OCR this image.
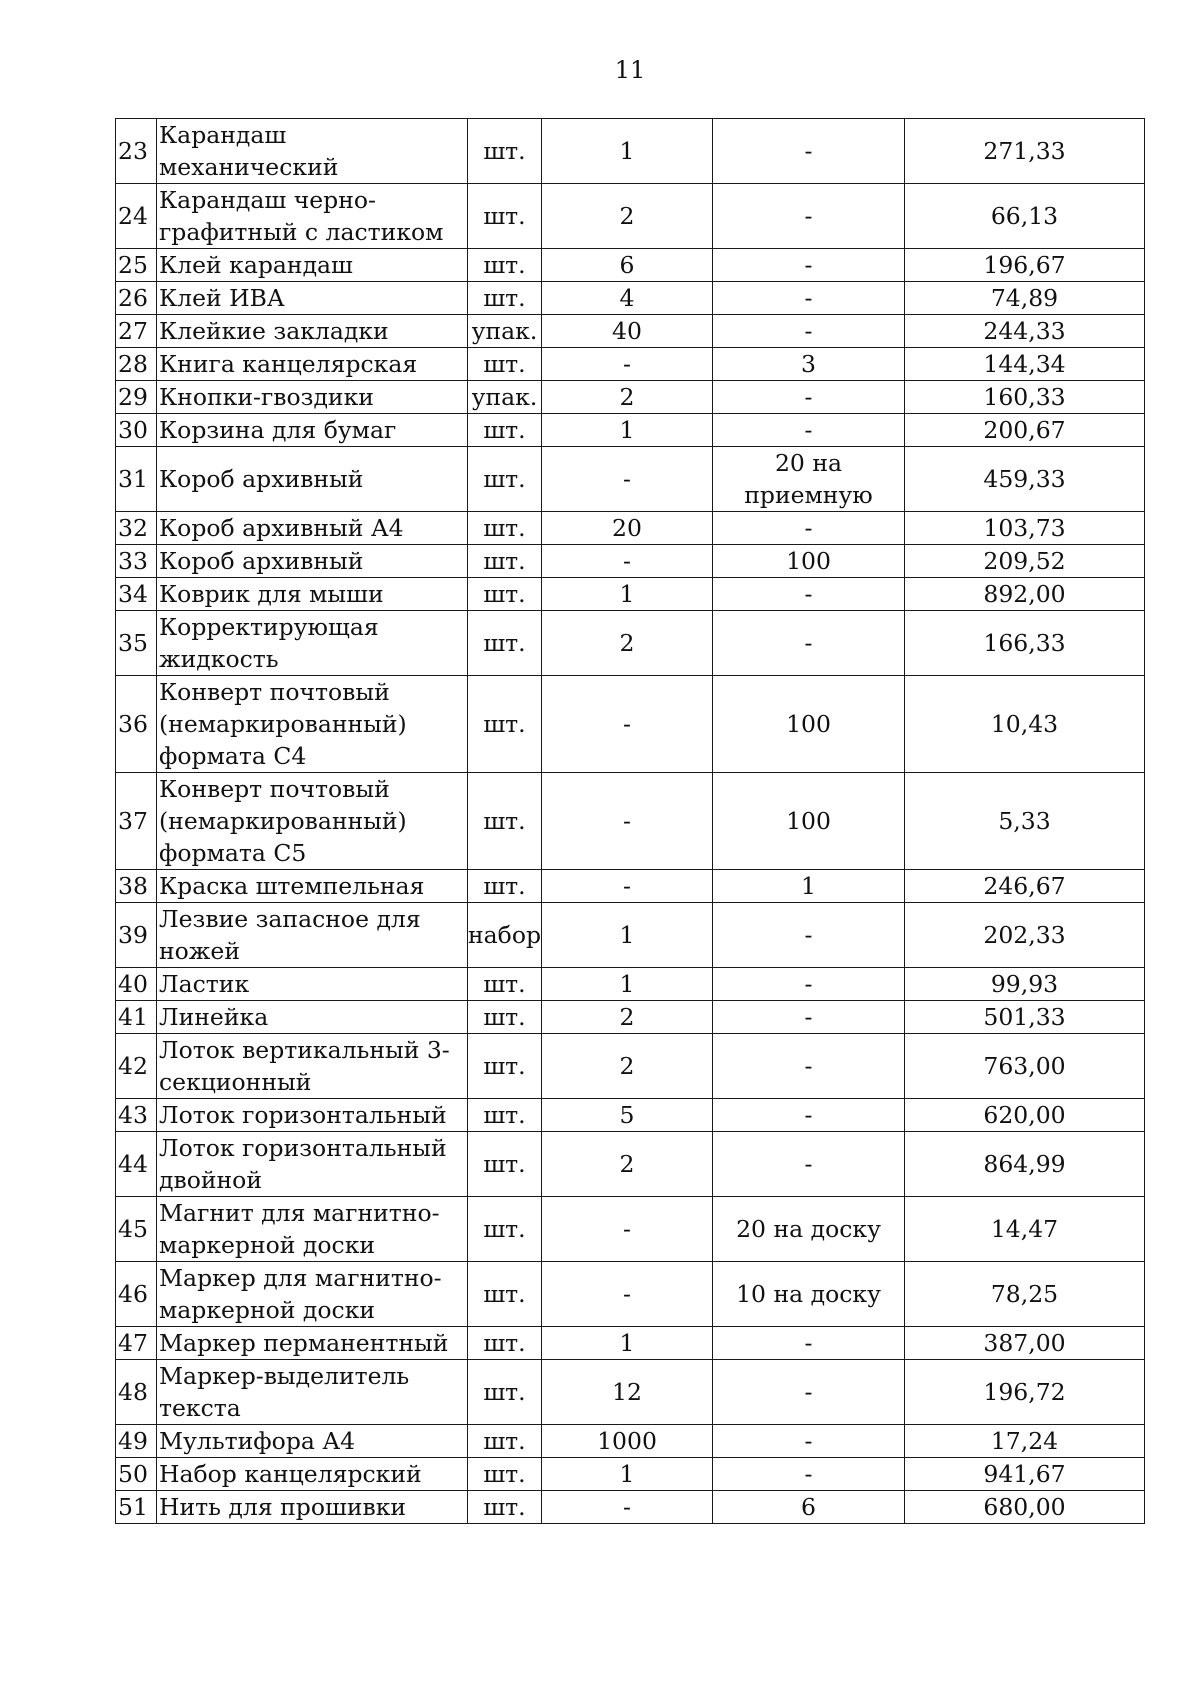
11
23	Карандаш механический	шт.	1	-	271,33
24	Карандаш чернографитный с ластиком	шт.	2	-	66,13
25	Клей карандаш	шт.	6	-	196,67
26	Клей ИВА	шт.	4	-	74,89
27	Клейкие закладки	упак.	40	-	244,33
28	Книга канцелярская	шт.	-	3	144,34
29	Кнопки-гвоздики	упак.	2	-	160,33
30	Корзина для бумаг	шт.	1	-	200,67
31	Короб архивный	шт.	-	20 на приемную	459,33
32	Короб архивный А4	шт.	20	-	103,73
33	Короб архивный	шт.	-	100	209,52
34	Коврик для мыши	шт.	1	-	892,00
35	Корректирующая жидкость	шт.	2	-	166,33
36	Конверт почтовый (немаркированный) формата С4	шт.	-	100	10,43
37	Конверт почтовый (немаркированный) формата С5	шт.	-	100	5,33
38	Краска штемпельная	шт.	-	1	246,67
39	Лезвие запасное для ножей	набор	1	-	202,33
40	Ластик	шт.	1	-	99,93
41	Линейка	шт.	2	-	501,33
42	Лоток вертикальный 3-секционный	шт.	2	-	763,00
43	Лоток горизонтальный	шт.	5	-	620,00
44	Лоток горизонтальный двойной	шт.	2	-	864,99
45	Магнит для магнитно-маркерной доски	шт.	-	20 на доску	14,47
46	Маркер для магнитно-маркерной доски	шт.	-	10 на доску	78,25
47	Маркер перманентный	шт.	1	-	387,00
48	Маркер-выделитель текста	шт.	12	-	196,72
49	Мультифора А4	шт.	1000	-	17,24
50	Набор канцелярский	шт.	1	-	941,67
51	Нить для прошивки	шт.	-	6	680,00
